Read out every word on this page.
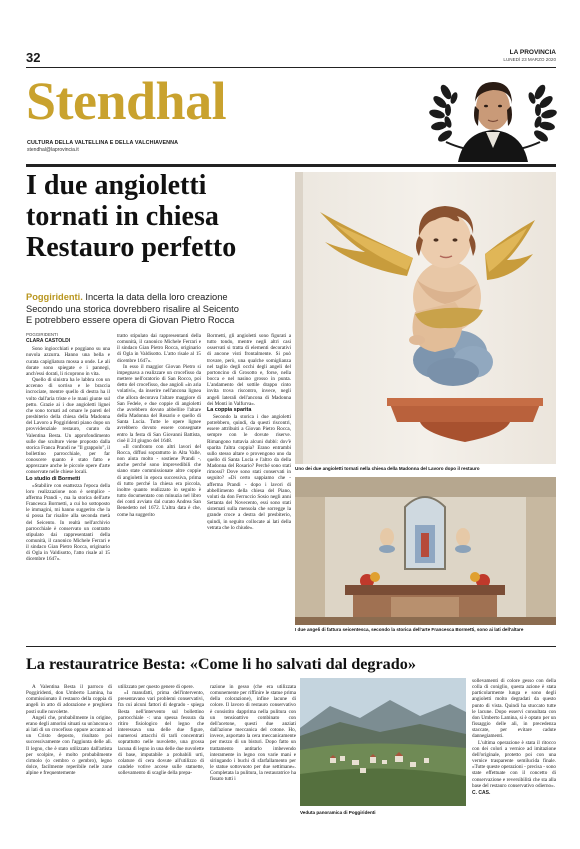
32	LA PROVINCIA
LUNEDÌ 23 MARZO 2020
Stendhal
CULTURA DELLA VALTELLINA E DELLA VALCHIAVENNA
stendhal@laprovincia.it
I due angioletti
tornati in chiesa
Restauro perfetto
Poggiridenti. Incerta la data della loro creazione
Secondo una storica dovrebbero risalire al Seicento
E potrebbero essere opera di Giovan Pietro Rocca
POGGIRIDENTI
CLARA CASTOLDI

Sono ingiocchiati e poggiano su una nuvola azzurra. Hanno una bella e curata capigliatura mossa a onde. Le ali dorate sono spiegate e i pannegi, anch'essi dorati, li ricoprono in vita.

Quello di sinistra ha le labbra con un accenno di sorriso e le braccia incrociate, mentre quello di destra ha il volto dall'aria triste e le mani giunte sul petto. Grazie ai i due angioletti lignei che sono tornati ad ornare le pareti del presbiterio della chiesa della Madonna del Lavoro a Poggiridenti piano dopo un provvidenziale restauro, curato da Valentina Besta. Un approfondimento sulle due sculture viene proposto dalla storica Franca Prandi ne "Il grappolo", il bollettino parrocchiale, per far conoscere quanto è stato fatto e apprezzare anche le piccole opere d'arte conservate nelle chiese locali.

Lo studio di Bormetti

«Stabilire con esattezza l'epoca della loro realizzazione non è semplice - afferma Prandi -, ma la storica dell'arte Francesca Bormetti, a cui ho sottoposto le immagini, mi hanno suggerito che la si possa far risalire alla seconda metà del Seicento. In realtà nell'archivio parrocchiale è conservato un contratto stipulato dai rappresentanti della comunità, il canonico Michele Ferrari e il sindaco Gian Pietro Rocca, originario di Ogla in Valdisotto, l'atto risale al 15 dicembre 1647».

tratto stipulato dai rappresentanti della comunità, il canonico Michele Ferrari e il sindaco Gian Pietro Rocca, originario di Ogla in Valdisotto. L'atto risale al 15 dicembre 1647».

In esso il maggior Giovan Pietro si impegnava a realizzare un crocefisso da mettere nell'oratorio di San Rocco, poi detto del crocefisso, due angioli «in aria volativi», da inserire nell'ancona lignea che allora decorava l'altare maggiore di San Fedele, e due coppie di angioletti che avrebbero dovuto abbellire l'altare della Madonna del Rosario e quello di Santa Lucia. Tutte le opere lignee avrebbero dovuto essere consegnate entro la festa di San Giovanni Battista, cioè il 24 giugno del 1648.

«Il confronto con altri lavori del Rocca, diffusi soprattutto in Alta Valle, non aiuta molto - sostiene Prandi -, anche perché sono imprevedibili che siano state commissionate altre coppie di angioletti in epoca successiva, prima di tutto perché la chiesa era piccola, inoltre quanto realizzato in seguito è tutto documentato con minuzia nel libro dei conti avviato dal curato Andrea San Benedetto nel 1672. L'altra data è che, come ha suggerito

Bormetti, gli angioletti sono figurati a tutto tondo, mentre negli altri casi osservati si tratta di elementi decorativi di ancone visti frontalmente. Si può trovare, però, una qualche somiglianza nel taglio degli occhi degli angeli del portoncino di Grosotto e, forse, nella bocca e nel nasino grosso in punta. L'andamento del sottile drappo cinto invita trova riscontro, invece, negli angeli laterali dell'ancona di Madonna dei Monti in Valfurva».

La coppia sparita

Secondo la storica i due angioletti potrebbero, quindi, da questi riscontri, essere attribuiti a Giovan Pietro Rocca, sempre con le dovute riserve. Rimangono tuttavia alcuni dubbi: dov'è sparita l'altra coppia? Erano entrambi sullo stesso altare o provengono uno da quello di Santa Lucia e l'altro da della Madonna del Rosario? Perché sono stati rimossi? Dove sono stati conservati in seguito? «Di certo sappiamo che - afferma Prandi - dopo i lavori di abbellimento della chiesa del Piano, voluti da don Ferruccio Sosio negli anni Settanta del Novecento, essi sono stati sistemati sulla mensola che sorregge la grande croce a destra del presbiterio, quindi, in seguito collocate ai lati della vetrata che lo chiude».

Uno dei due angioletti tornati nella chiesa della Madonna del Lavoro dopo il restauro
I due angeli di fattura seicentesca, secondo la storica dell'arte Francesca Bormetti, sono ai lati dell'altare
La restauratrice Besta: «Come li ho salvati dal degrado»

A Valentina Besta il parroco di Poggiridenti, don Umberto Lamina, ha commissionato il restauro della coppia di angeli in atto di adorazione e preghiera posti sulle nuvolette.

Angeli che, probabilmente in origine, erano degli amorini situati su un'ancona o ai lati di un crocefisso oppure accanto ad un Cristo deposto, risultato poi successivamente con l'aggiunta delle ali. Il legno, che è stato utilizzato dall'artista per scolpire, è molto probabilmente cirmolo (o cembro o gembro), legno dolce, facilmente reperibile nelle zone alpine e frequentemente

utilizzato per questo genere di opere.

«I manufatti, prima dell'intervento, presentavano vari problemi conservativi, fra cui alcuni fattori di degrado - spiega Besta nell'intervento sul bollettino parrocchiale -: una spessa fessura da ritiro fisiologico del legno che interessava una delle due figure, numerosi attacchi di tarli concentrati soprattutto nelle nuvolette, una grossa lacuna di legno in una delle due nuvolette di base, imputabile a probabili urti, colature di cera dovute all'utilizzo di candele votive accese sulle statuette, sollevamento di scaglie della prepa-

razione in gesso (che era utilizzata comunemente per riffinire le statue prima della colorazione), infine lacune di colore. Il lavoro di restauro conservativo è consistito dapprima nella pulitura con un tensioattivo combinato con dell'acetone, questi due anziati dall'azione meccanica del cotone. Ho, invece, asportato la cera meccanicamente per mezzo di un bisturi. Dopo fatto un trattamento antitarlo imbevendo interamente in legno con varie mani e siringando i buchi di sfarfallamento per le statue sottovuoto per due settimane». Completata la pulitura, la restauratrice ha fissato tutti i

Veduta panoramica di Poggiridenti

sollevamenti di colore gesso con della colla di coniglio, questa azione è stata particolarmente lunga e sono degli angioletti molto degradati da questo punto di vista. Quindi ha stuccato tutte le lacune. Dopo esservi consultata con don Umberto Lamina, si è optato per un fissaggio delle ali, in precedenza staccate, per evitare cadute dannegiamenti.

L'ultima operazione è stata il ritocco con dei colori a vernice ad imitazione dell'originale, protetto poi con una vernice trasparente semilucida finale. «Tutte queste operazioni - precisa - sono state effettuate con il concetto di conservazione e reversibilità che sta alla base del restauro conservativo odierno».

C. CAS.
